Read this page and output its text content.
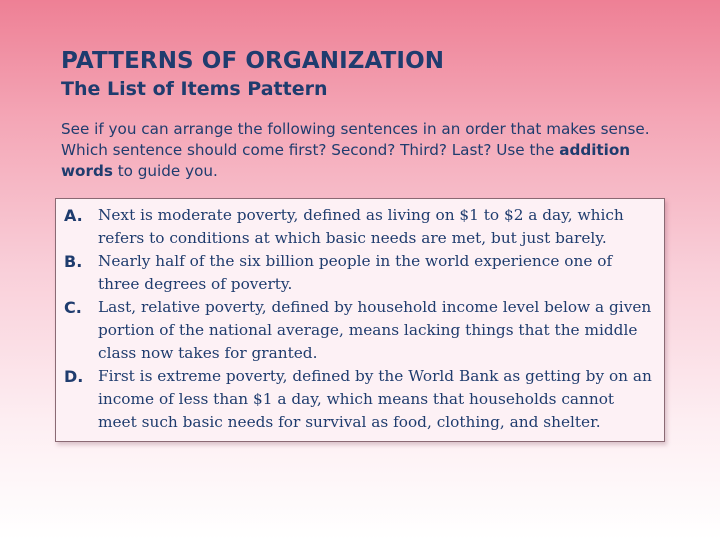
PATTERNS OF ORGANIZATION
The List of Items Pattern

See if you can arrange the following sentences in an order that makes sense. Which sentence should come first? Second? Third? Last? Use the addition words to guide you.

A. Next is moderate poverty, defined as living on $1 to $2 a day, which refers to conditions at which basic needs are met, but just barely.
B.	Nearly half of the six billion people in the world experience one of three degrees of poverty.
C.	Last, relative poverty, defined by household income level below a given portion of the national average, means lacking things that the middle class now takes for granted.
D. First is extreme poverty, defined by the World Bank as getting by on an income of less than $1 a day, which means that households cannot meet such basic needs for survival as food, clothing, and shelter.
